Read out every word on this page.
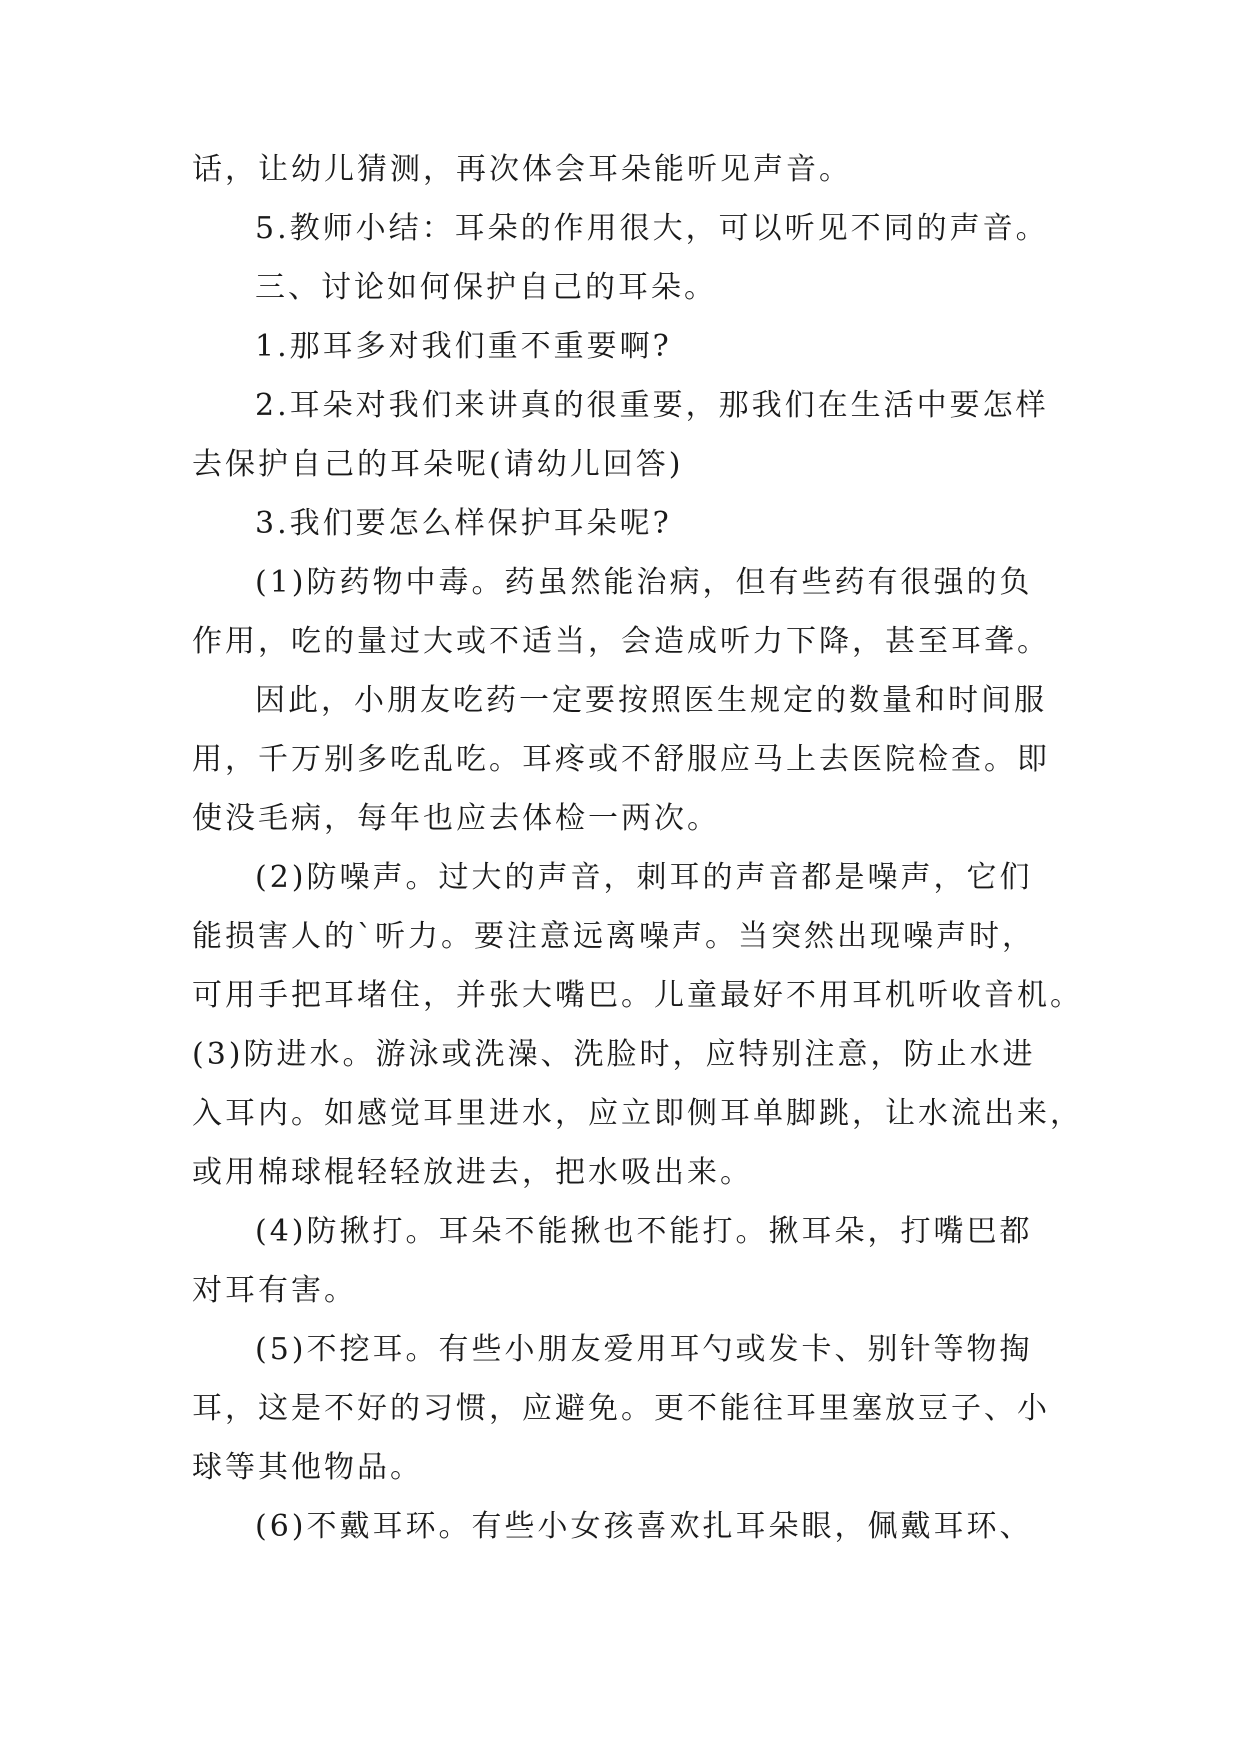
话，让幼儿猜测，再次体会耳朵能听见声音。

5.教师小结：耳朵的作用很大，可以听见不同的声音。

三、讨论如何保护自己的耳朵。

1.那耳多对我们重不重要啊?

2.耳朵对我们来讲真的很重要，那我们在生活中要怎样

去保护自己的耳朵呢(请幼儿回答)

3.我们要怎么样保护耳朵呢?

(1)防药物中毒。药虽然能治病，但有些药有很强的负

作用，吃的量过大或不适当，会造成听力下降，甚至耳聋。

因此，小朋友吃药一定要按照医生规定的数量和时间服

用，千万别多吃乱吃。耳疼或不舒服应马上去医院检查。即

使没毛病，每年也应去体检一两次。

(2)防噪声。过大的声音，刺耳的声音都是噪声，它们

能损害人的`听力。要注意远离噪声。当突然出现噪声时，

可用手把耳堵住，并张大嘴巴。儿童最好不用耳机听收音机。

(3)防进水。游泳或洗澡、洗脸时，应特别注意，防止水进

入耳内。如感觉耳里进水，应立即侧耳单脚跳，让水流出来，

或用棉球棍轻轻放进去，把水吸出来。

(4)防揪打。耳朵不能揪也不能打。揪耳朵，打嘴巴都

对耳有害。

(5)不挖耳。有些小朋友爱用耳勺或发卡、别针等物掏

耳，这是不好的习惯，应避免。更不能往耳里塞放豆子、小

球等其他物品。

(6)不戴耳环。有些小女孩喜欢扎耳朵眼，佩戴耳环、
